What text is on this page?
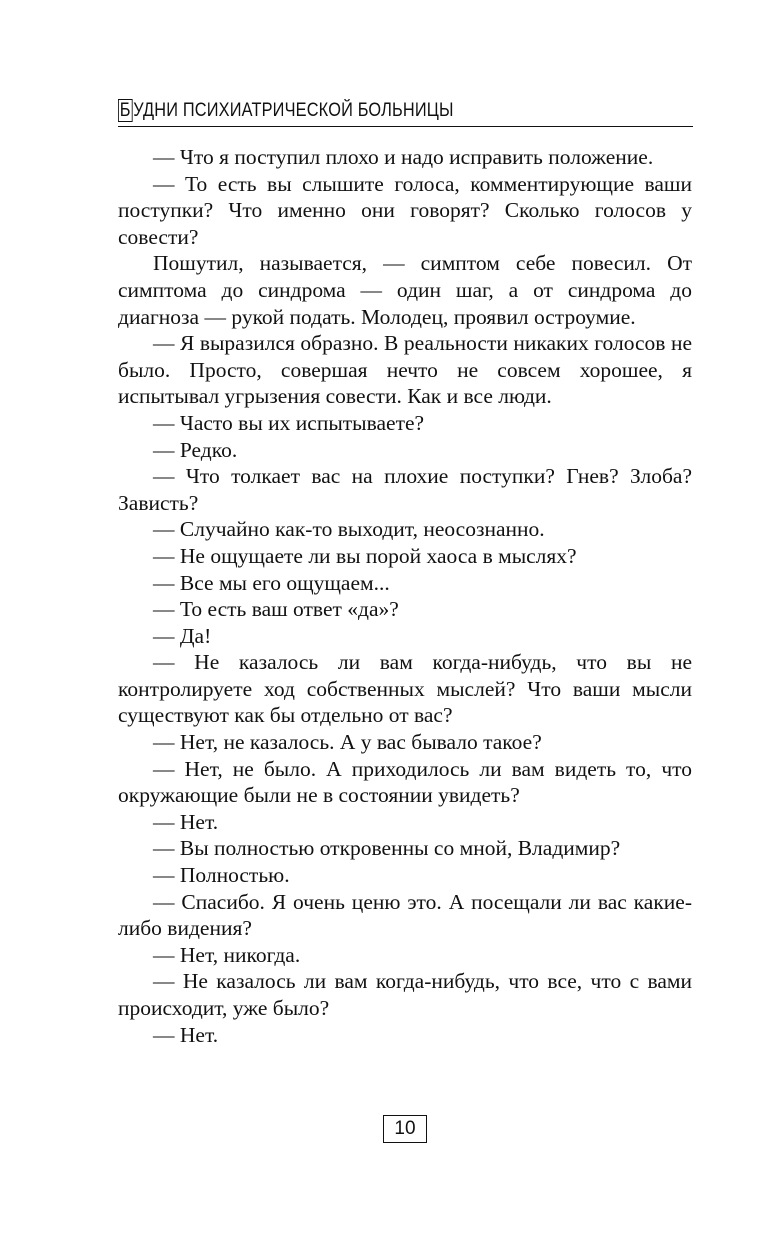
Б УДНИ ПСИХИАТРИЧЕСКОЙ БОЛЬНИЦЫ

— Что я поступил плохо и надо исправить положение.

— То есть вы слышите голоса, комментирующие ваши поступки? Что именно они говорят? Сколько голосов у совести?

Пошутил, называется, — симптом себе повесил. От симптома до синдрома — один шаг, а от синдрома до диагноза — рукой подать. Молодец, проявил остроумие.

— Я выразился образно. В реальности никаких голосов не было. Просто, совершая нечто не совсем хорошее, я испытывал угрызения совести. Как и все люди.

— Часто вы их испытываете?

— Редко.

— Что толкает вас на плохие поступки? Гнев? Злоба? Зависть?

— Случайно как-то выходит, неосознанно.

— Не ощущаете ли вы порой хаоса в мыслях?

— Все мы его ощущаем...

— То есть ваш ответ «да»?

— Да!

— Не казалось ли вам когда-нибудь, что вы не контролируете ход собственных мыслей? Что ваши мысли существуют как бы отдельно от вас?

— Нет, не казалось. А у вас бывало такое?

— Нет, не было. А приходилось ли вам видеть то, что окружающие были не в состоянии увидеть?

— Нет.

— Вы полностью откровенны со мной, Владимир?

— Полностью.

— Спасибо. Я очень ценю это. А посещали ли вас какие-либо видения?

— Нет, никогда.

— Не казалось ли вам когда-нибудь, что все, что с вами происходит, уже было?

— Нет.

10
